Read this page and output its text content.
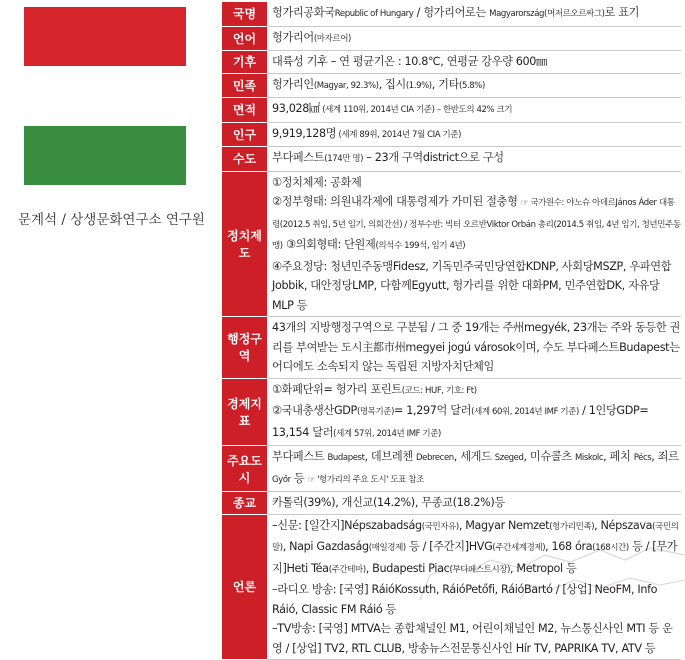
문계석 / 상생문화연구소 연구원
국명	헝가리공화국Republic of Hungary / 헝가리어로는 Magyarország(머저르오르싸그)로 표기
언어	헝가리어(마자르어)
기후	대륙성 기후 – 연 평균기온 : 10.8℃, 연평균 강우량 600㎜
민족	헝가리인(Magyar, 92.3%), 집시(1.9%), 기타(5.8%)
면적	93,028㎢ (세계 110위, 2014년 CIA 기준) – 한반도의 42% 크기
인구	9,919,128명 (세계 89위, 2014년 7월 CIA 기준)
수도	부다페스트(174만 명) – 23개 구역district으로 구성
정치제도	①정치체제: 공화제

②정부형태: 의원내각제에 대통령제가 가미된 절충형 ☞ 국가원수: 야노슈 아데르János Áder 대통령(2012.5 취임, 5년 임기, 의회간선) / 정부수반: 빅터 오르반Viktor Orbán 총리(2014.5 취임, 4년 임기, 청년민주동맹) ③의회형태: 단원제(의석수 199석, 임기 4년)

④주요정당: 청년민주동맹Fidesz, 기독민주국민당연합KDNP, 사회당MSZP, 우파연합Jobbik, 대안정당LMP, 다함께Egyutt, 헝가리를 위한 대화PM, 민주연합DK, 자유당MLP 등

행정구역	43개의 지방행정구역으로 구분됨 / 그 중 19개는 주州megyék, 23개는 주와 동등한 권리를 부여받는 도시主都市州megyei jogú városok이며, 수도 부다페스트Budapest는 어디에도 소속되지 않는 독립된 지방자치단체임
경제지표	①화폐단위= 헝가리 포린트(코드: HUF, 기호: Ft)

②국내총생산GDP(명목기준)= 1,297억 달러(세계 60위, 2014년 IMF 기준) / 1인당GDP= 13,154 달러(세계 57위, 2014년 IMF 기준)

주요도시	부다페스트 Budapest, 데브레첸 Debrecen, 세게드 Szeged, 미슈콜츠 Miskolc, 페치 Pécs, 죄르 Győr 등 ☞ '헝가리의 주요 도시' 도표 참조
종교	카톨릭(39%), 개신교(14.2%), 무종교(18.2%)등
언론	–신문: [일간지]Népszabadság(국민자유), Magyar Nemzet(헝가리민족), Népszava(국민의 말), Napi Gazdaság(매일경제) 등 / [주간지]HVG(주간세계경제), 168 óra(168시간) 등 / [무가지]Heti Téa(주간테마), Budapesti Piac(부다페스트시장), Metropol 등

–라디오 방송: [국영] RáióKossuth, RáióPetőfi, RáióBartó / [상업] NeoFM, Info Ráió, Classic FM Ráió 등

–TV방송: [국영] MTVA는 종합채널인 M1, 어린이채널인 M2, 뉴스통신사인 MTI 등 운영 / [상업] TV2, RTL CLUB, 방송뉴스전문통신사인 Hír TV, PAPRIKA TV, ATV 등
